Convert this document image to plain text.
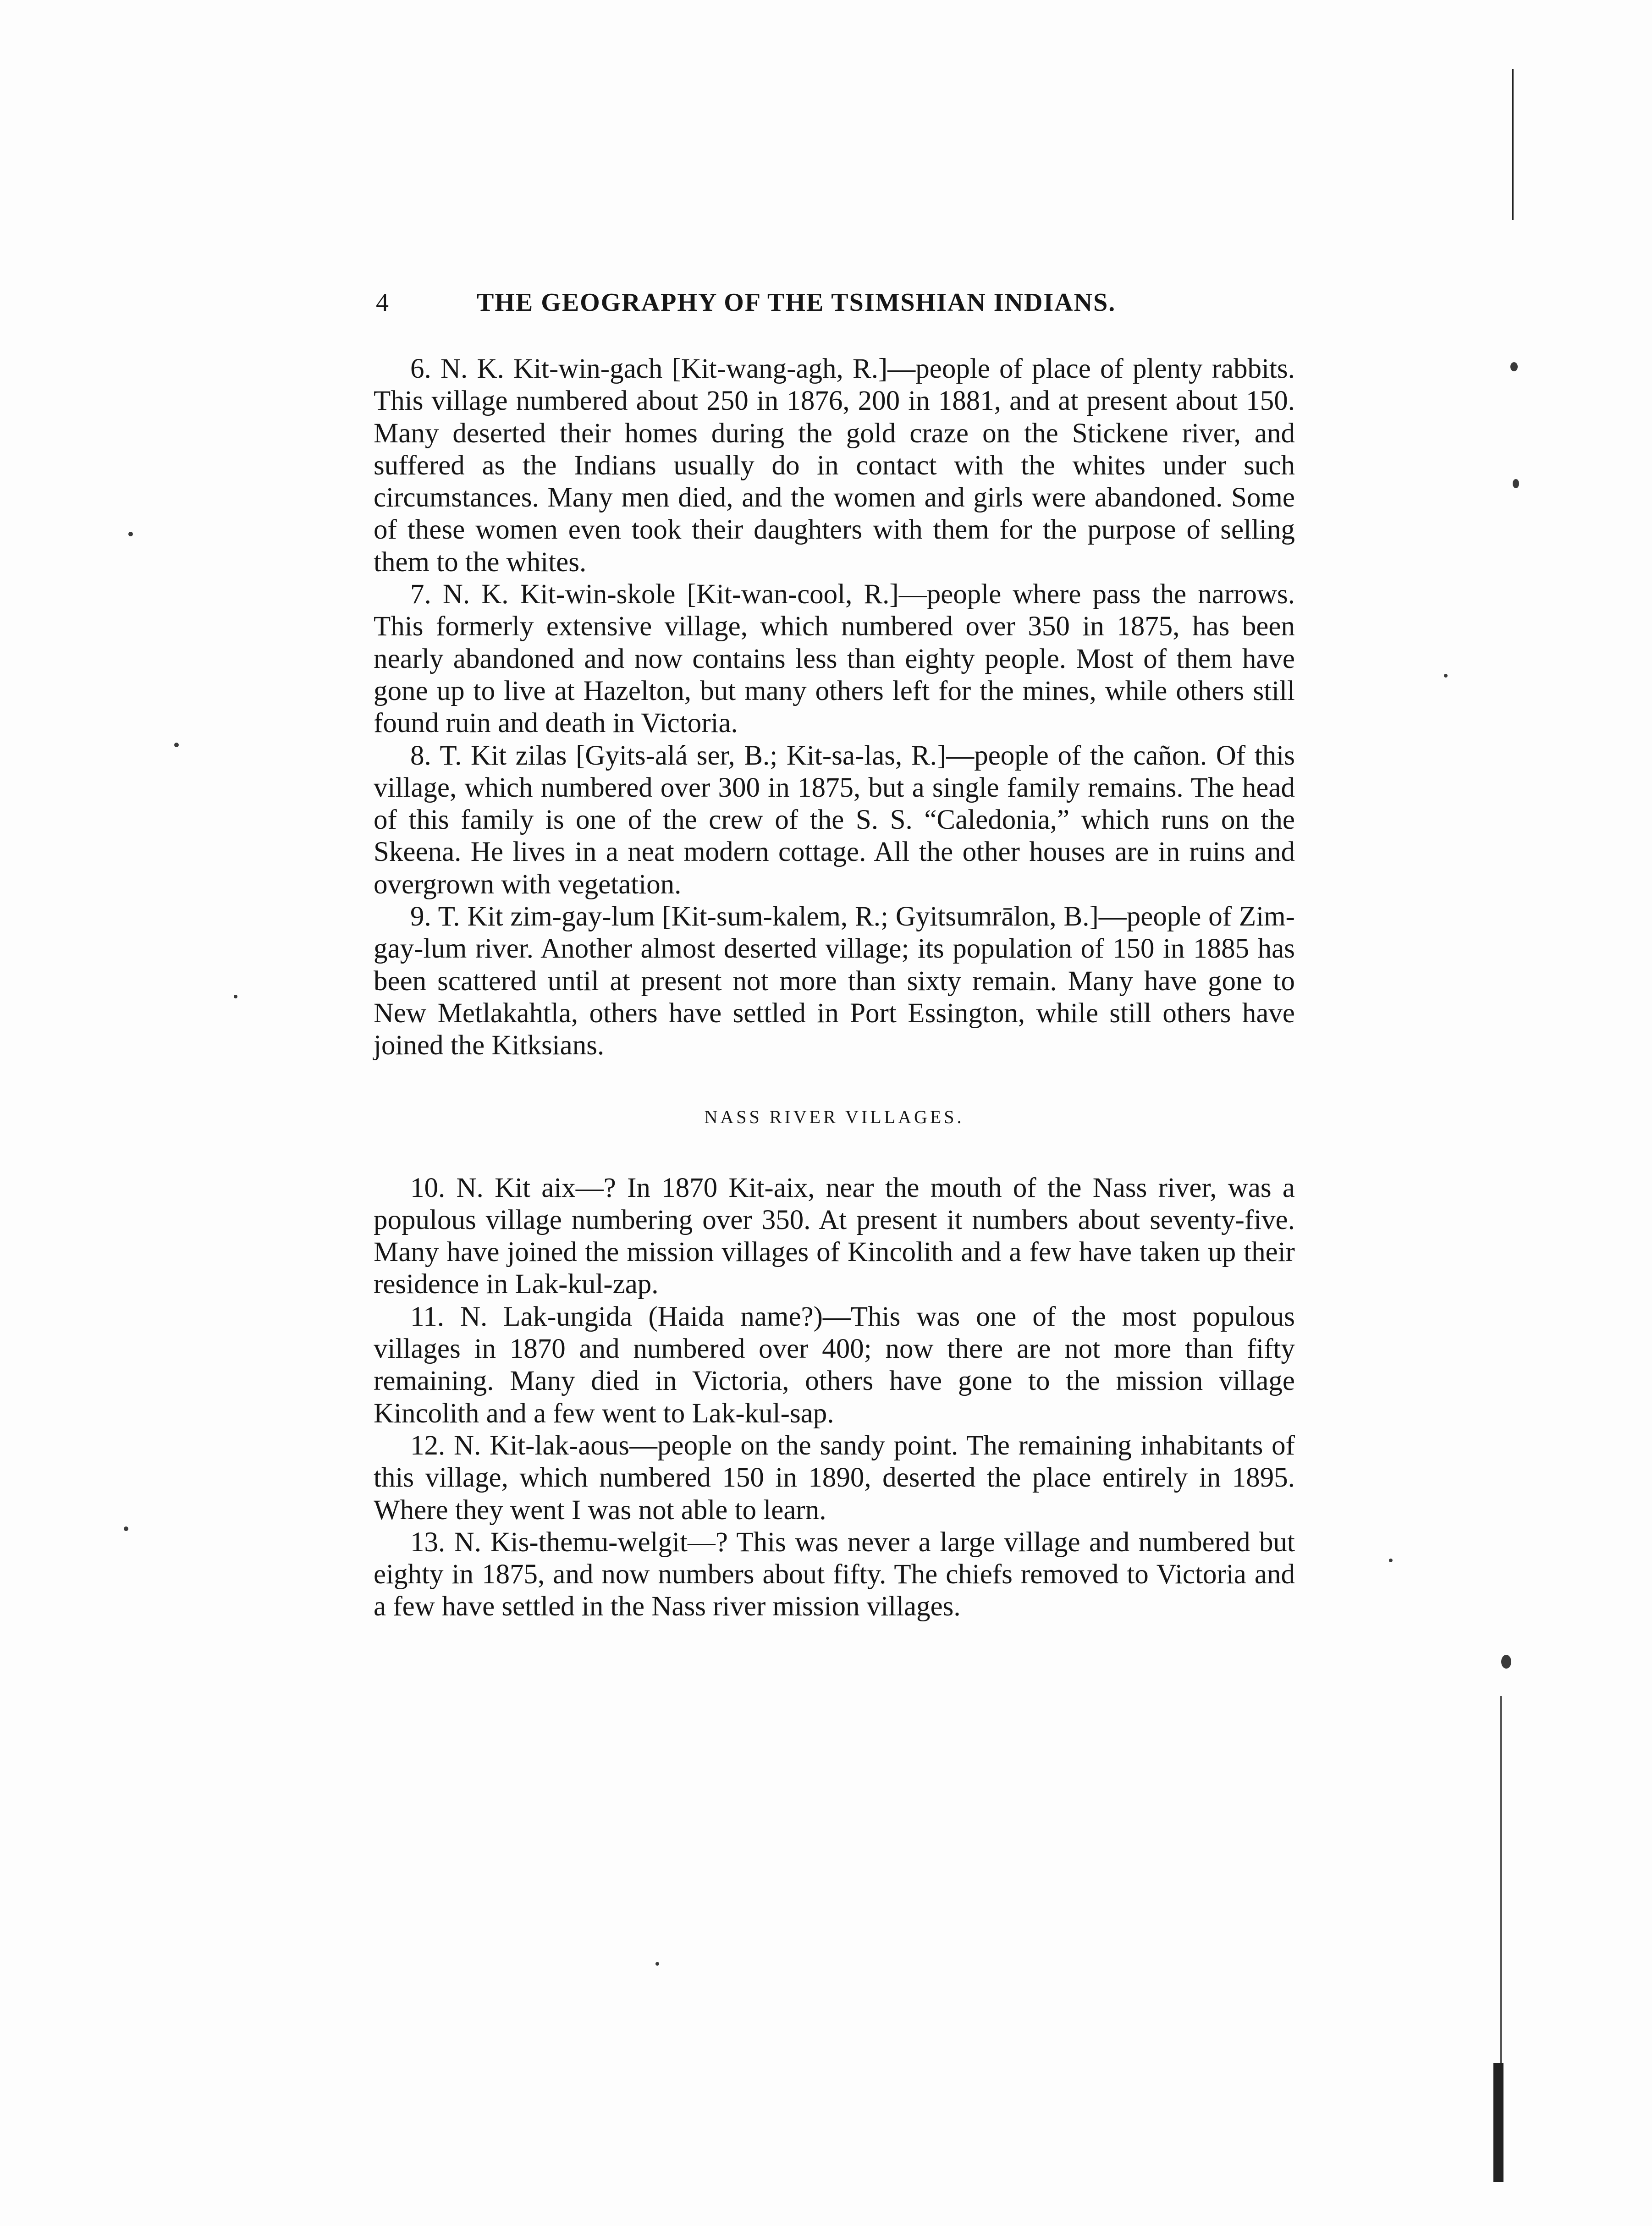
4	THE GEOGRAPHY OF THE TSIMSHIAN INDIANS.

6. N. K. Kit-win-gach [Kit-wang-agh, R.]—people of place of plenty rabbits. This village numbered about 250 in 1876, 200 in 1881, and at present about 150. Many deserted their homes during the gold craze on the Stickene river, and suffered as the Indians usually do in contact with the whites under such circumstances. Many men died, and the women and girls were abandoned. Some of these women even took their daughters with them for the purpose of selling them to the whites.

7. N. K. Kit-win-skole [Kit-wan-cool, R.]—people where pass the narrows. This formerly extensive village, which numbered over 350 in 1875, has been nearly abandoned and now contains less than eighty people. Most of them have gone up to live at Hazelton, but many others left for the mines, while others still found ruin and death in Victoria.

8. T. Kit zilas [Gyits-alá ser, B.; Kit-sa-las, R.]—people of the cañon. Of this village, which numbered over 300 in 1875, but a single family remains. The head of this family is one of the crew of the S. S. “Caledonia,” which runs on the Skeena. He lives in a neat modern cottage. All the other houses are in ruins and overgrown with vegetation.

9. T. Kit zim-gay-lum [Kit-sum-kalem, R.; Gyitsumrālon, B.]—people of Zim-gay-lum river. Another almost deserted village; its population of 150 in 1885 has been scattered until at present not more than sixty remain. Many have gone to New Metlakahtla, others have settled in Port Essington, while still others have joined the Kitksians.

NASS RIVER VILLAGES.

10. N. Kit aix—? In 1870 Kit-aix, near the mouth of the Nass river, was a populous village numbering over 350. At present it numbers about seventy-five. Many have joined the mission villages of Kincolith and a few have taken up their residence in Lak-kul-zap.

11. N. Lak-ungida (Haida name?)—This was one of the most populous villages in 1870 and numbered over 400; now there are not more than fifty remaining. Many died in Victoria, others have gone to the mission village Kincolith and a few went to Lak-kul-sap.

12. N. Kit-lak-aous—people on the sandy point. The remaining inhabitants of this village, which numbered 150 in 1890, deserted the place entirely in 1895. Where they went I was not able to learn.

13. N. Kis-themu-welgit—? This was never a large village and numbered but eighty in 1875, and now numbers about fifty. The chiefs removed to Victoria and a few have settled in the Nass river mission villages.
